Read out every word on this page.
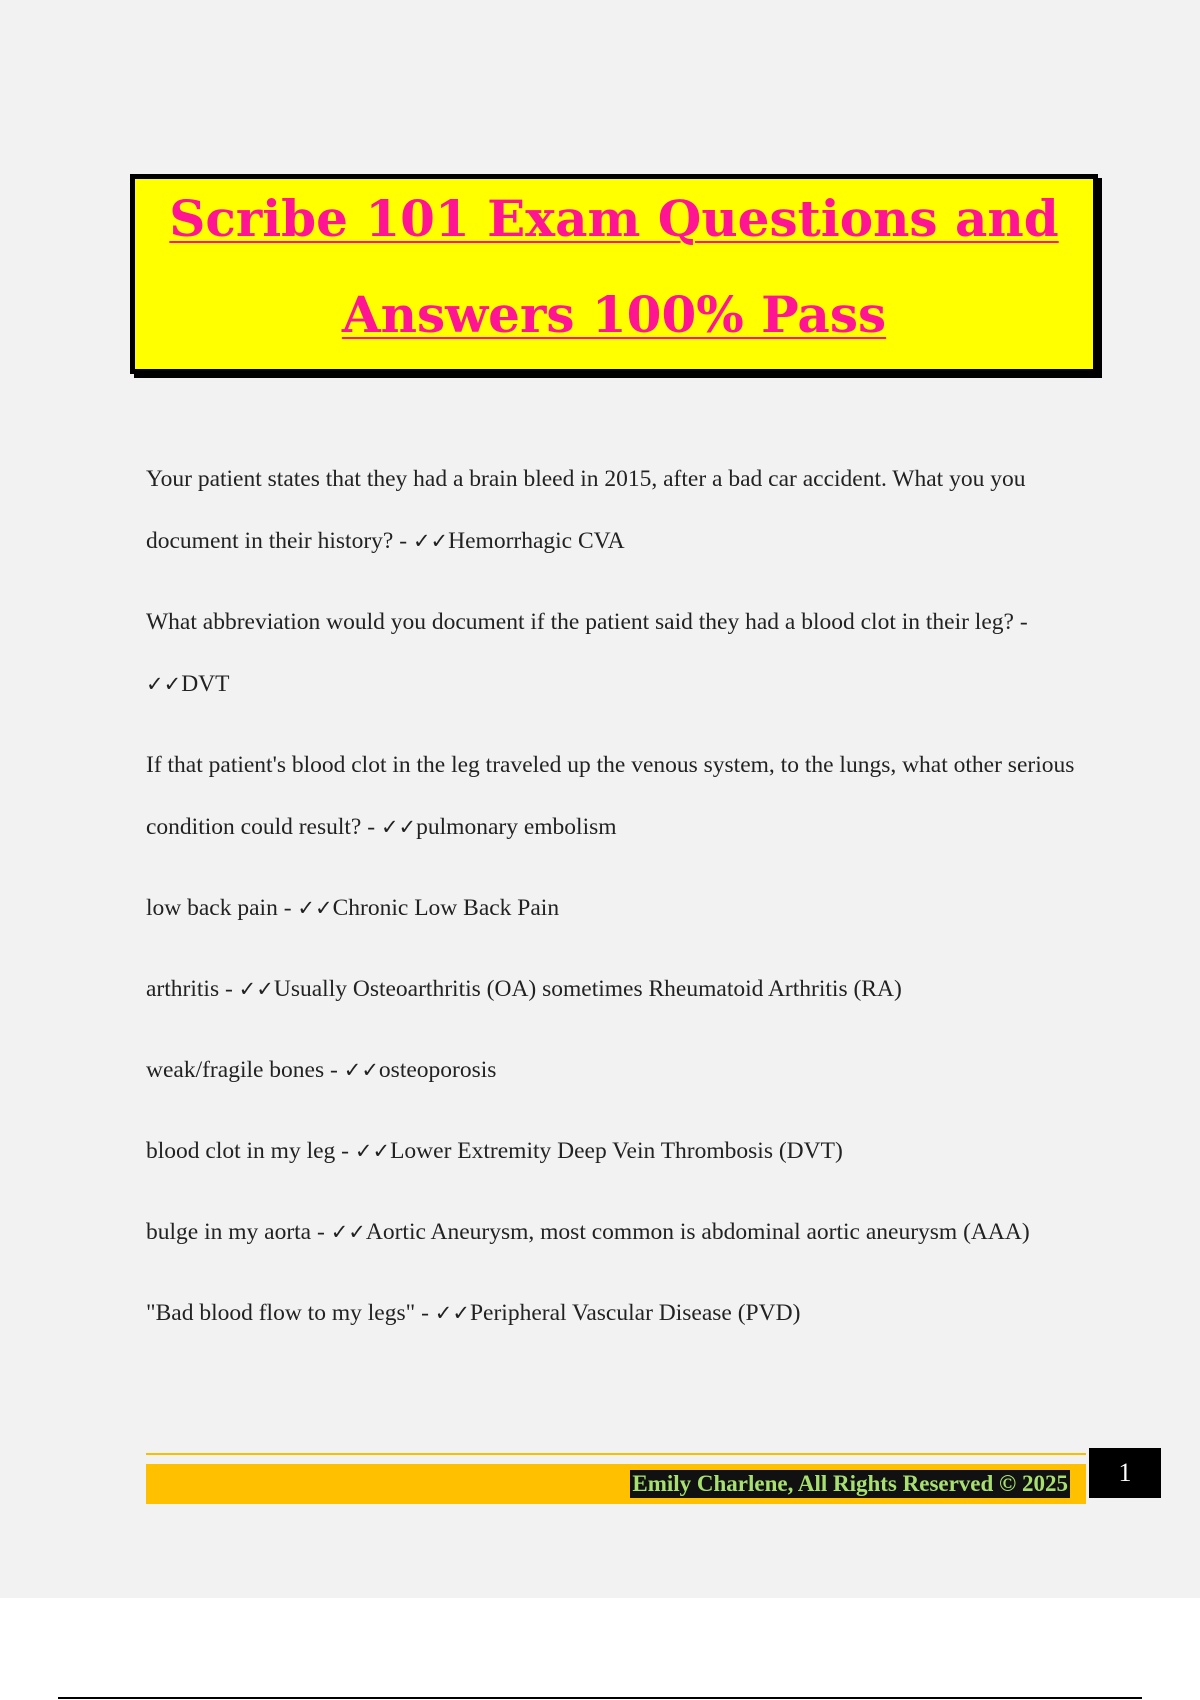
Scribe 101 Exam Questions and
Answers 100% Pass

Your patient states that they had a brain bleed in 2015, after a bad car accident. What you you document in their history? - ✓✓Hemorrhagic CVA

What abbreviation would you document if the patient said they had a blood clot in their leg? - ✓✓DVT

If that patient's blood clot in the leg traveled up the venous system, to the lungs, what other serious condition could result? - ✓✓pulmonary embolism

low back pain - ✓✓Chronic Low Back Pain

arthritis - ✓✓Usually Osteoarthritis (OA) sometimes Rheumatoid Arthritis (RA)

weak/fragile bones - ✓✓osteoporosis

blood clot in my leg - ✓✓Lower Extremity Deep Vein Thrombosis (DVT)

bulge in my aorta - ✓✓Aortic Aneurysm, most common is abdominal aortic aneurysm (AAA)

"Bad blood flow to my legs" - ✓✓Peripheral Vascular Disease (PVD)

Emily Charlene, All Rights Reserved © 2025	1
